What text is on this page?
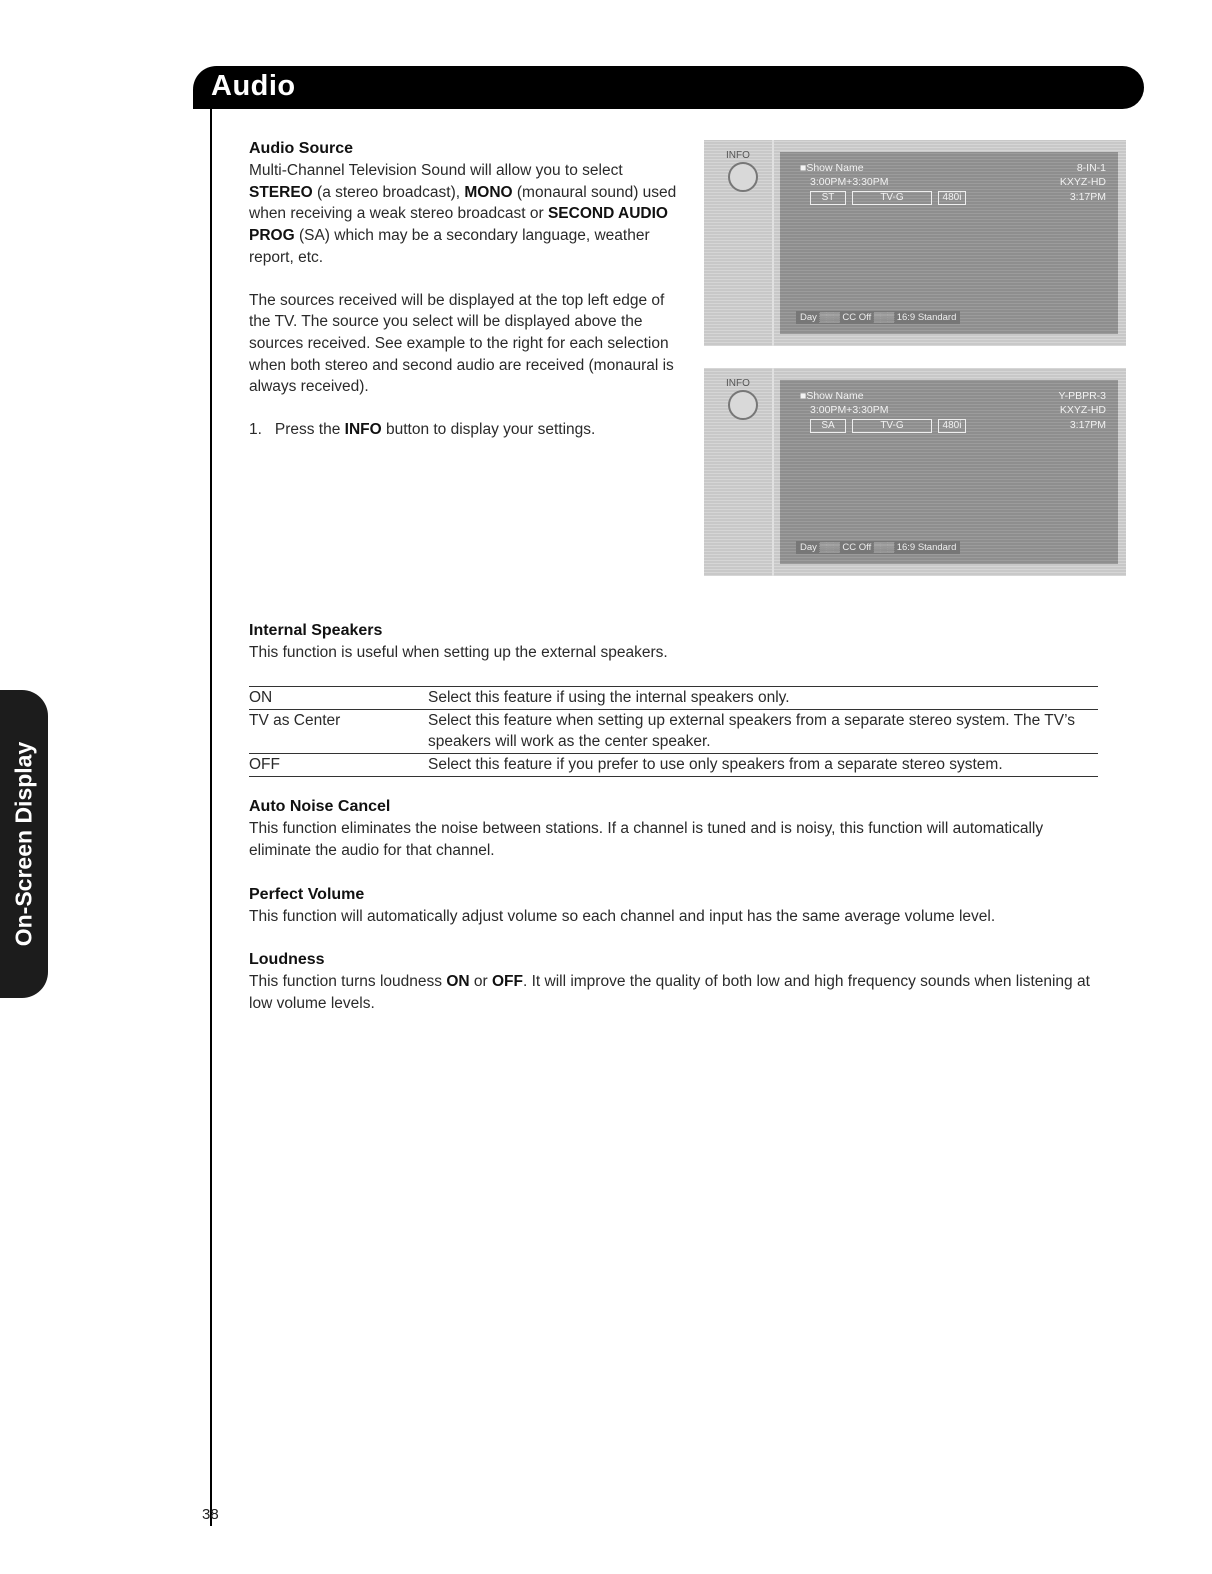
Audio
On-Screen Display
Audio Source

Multi-Channel Television Sound will allow you to select STEREO (a stereo broadcast), MONO (monaural sound) used when receiving a weak stereo broadcast or SECOND AUDIO PROG (SA) which may be a secondary language, weather report, etc.

The sources received will be displayed at the top left edge of the TV. The source you select will be displayed above the sources received. See example to the right for each selection when both stereo and second audio are received (monaural is always received).

1. Press the INFO button to display your settings.

INFO
■Show Name	8-IN-1
3:00PM+3:30PM	KXYZ-HD
ST	TV-G	480i	3:17PM
Day ▒▒▒ CC Off ▒▒▒ 16:9 Standard
INFO
■Show Name	Y-PBPR-3
3:00PM+3:30PM	KXYZ-HD
SA	TV-G	480i	3:17PM
Day ▒▒▒ CC Off ▒▒▒ 16:9 Standard
Internal Speakers

This function is useful when setting up the external speakers.

ON	Select this feature if using the internal speakers only.
TV as Center	Select this feature when setting up external speakers from a separate stereo system. The TV’s speakers will work as the center speaker.
OFF	Select this feature if you prefer to use only speakers from a separate stereo system.
Auto Noise Cancel

This function eliminates the noise between stations. If a channel is tuned and is noisy, this function will automatically eliminate the audio for that channel.

Perfect Volume

This function will automatically adjust volume so each channel and input has the same average volume level.

Loudness

This function turns loudness ON or OFF. It will improve the quality of both low and high frequency sounds when listening at low volume levels.

38
